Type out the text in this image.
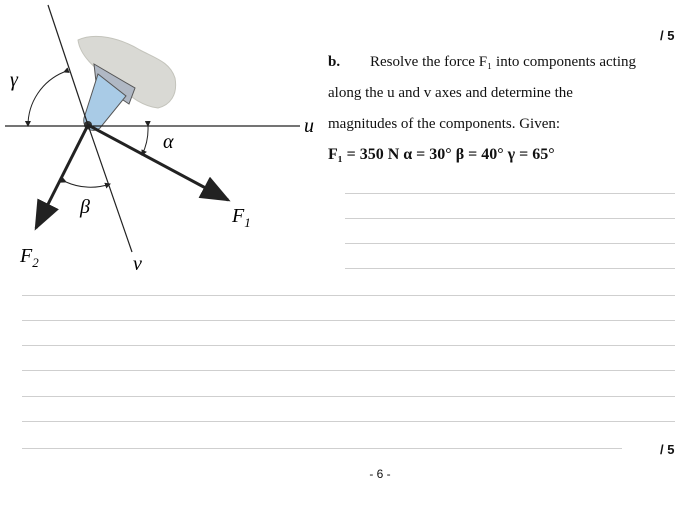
γ
α
β
u
v
$F_1$
$F_2$
/ 5
/ 5
b. Resolve the force F₁ into components acting
along the u and v axes and determine the
magnitudes of the components. Given:
F₁ = 350 N α = 30° β = 40° γ = 65°
- 6 -
